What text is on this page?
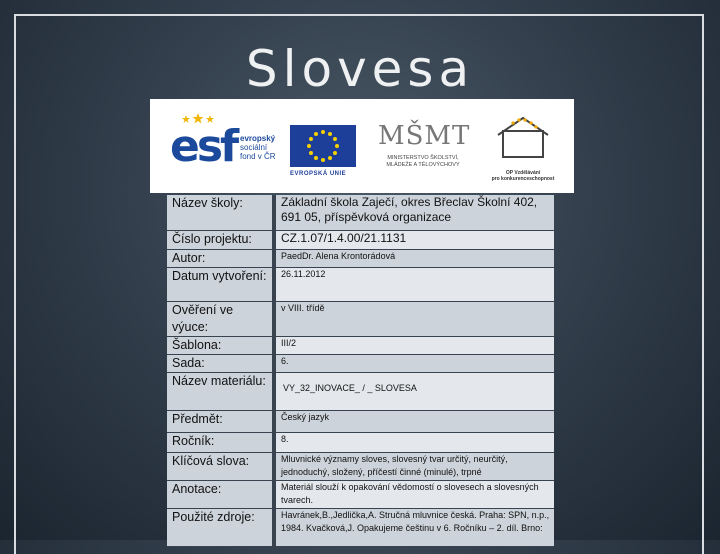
Slovesa
esf evropský
sociální
fond v ČR
EVROPSKÁ UNIE
MŠMT
MINISTERSTVO ŠKOLSTVÍ,
MLÁDEŽE A TĚLOVÝCHOVY
OP Vzdělávání
pro konkurenceschopnost
Název školy:	Základní škola Zaječí, okres Břeclav Školní 402, 691 05, příspěvková organizace
Číslo projektu:	CZ.1.07/1.4.00/21.1131
Autor:	PaedDr. Alena Krontorádová
Datum vytvoření:	26.11.2012
Ověření ve výuce:	v VIII. třídě
Šablona:	III/2
Sada:	6.
Název materiálu:	VY_32_INOVACE_ / _ SLOVESA

Předmět:	Český jazyk
Ročník:	8.
Klíčová slova:	Mluvnické významy sloves, slovesný tvar určitý, neurčitý, jednoduchý, složený, příčestí činné (minulé), trpné
Anotace:	Materiál slouží k opakování vědomostí o slovesech a slovesných tvarech.
Použité zdroje:	Havránek,B.,Jedlička,A. Stručná mluvnice česká. Praha: SPN, n.p., 1984. Kvačková,J. Opakujeme češtinu v 6. Ročníku – 2. díl. Brno:
